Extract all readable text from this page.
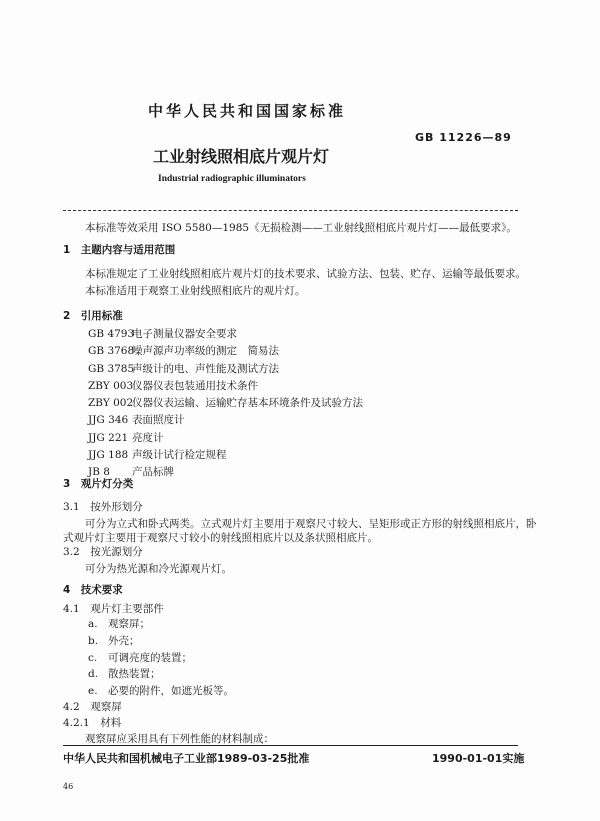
中华人民共和国国家标准
GB 11226—89
工业射线照相底片观片灯
Industrial radiographic illuminators
本标准等效采用 ISO 5580—1985《无损检测——工业射线照相底片观片灯——最低要求》。
1　主题内容与适用范围
本标准规定了工业射线照相底片观片灯的技术要求、试验方法、包装、贮存、运输等最低要求。
本标准适用于观察工业射线照相底片的观片灯。
2　引用标准
GB 4793电子测量仪器安全要求
GB 3768噪声源声功率级的测定　简易法
GB 3785声级计的电、声性能及测试方法
ZBY 003仪器仪表包装通用技术条件
ZBY 002仪器仪表运输、运输贮存基本环境条件及试验方法
JJG 346 表面照度计
JJG 221 亮度计
JJG 188 声级计试行检定规程
JB 8 产品标牌
3　观片灯分类
3.1　按外形划分
可分为立式和卧式两类。立式观片灯主要用于观察尺寸较大、呈矩形或正方形的射线照相底片，卧
式观片灯主要用于观察尺寸较小的射线照相底片以及条状照相底片。
3.2　按光源划分
可分为热光源和冷光源观片灯。
4　技术要求
4.1　观片灯主要部件
a. 观察屏；
b. 外壳；
c. 可调亮度的装置；
d. 散热装置；
e. 必要的附件，如遮光板等。
4.2　观察屏
4.2.1　材料
观察屏应采用具有下列性能的材料制成：
中华人民共和国机械电子工业部1989-03-25批准	1990-01-01实施
46
